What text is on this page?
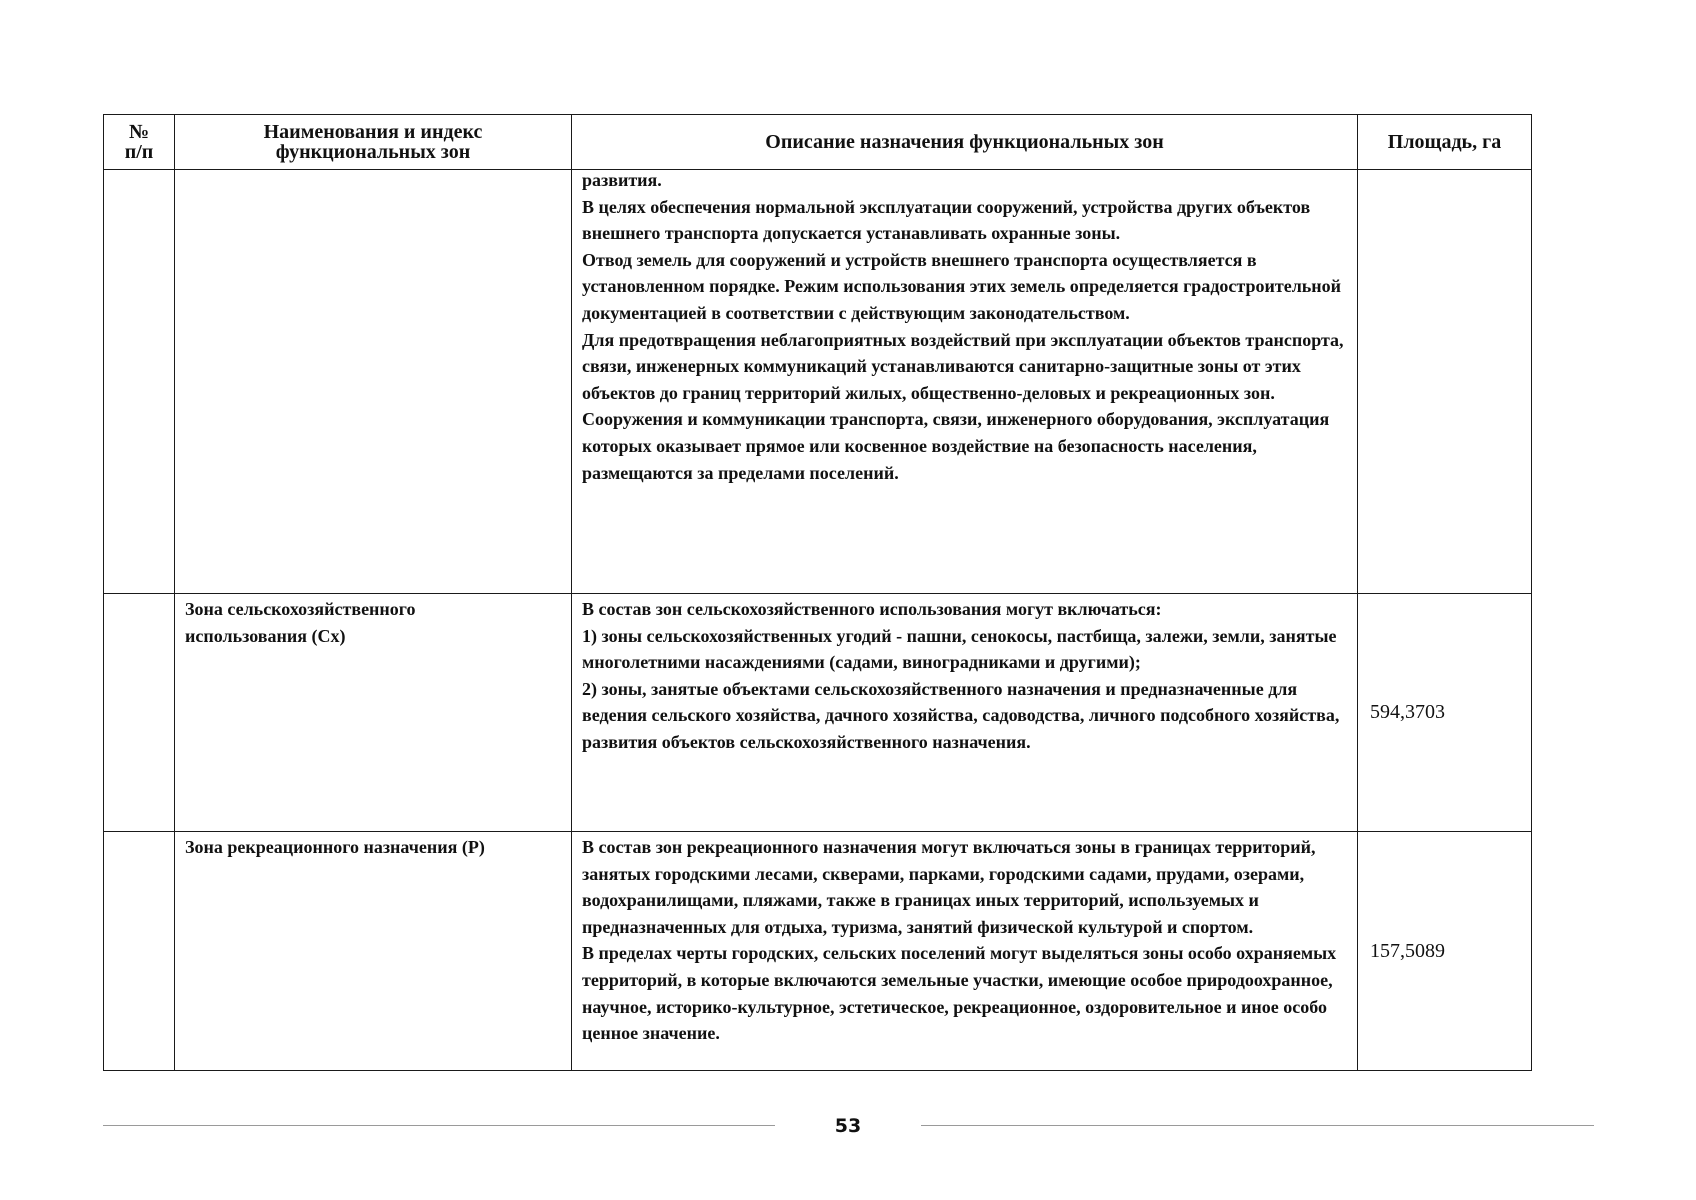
№ п/п	Наименования и индекс функциональных зон	Описание назначения функциональных зон	Площадь, га

		развития.

В целях обеспечения нормальной эксплуатации сооружений, устройства других объектов внешнего транспорта допускается устанавливать охранные зоны.

Отвод земель для сооружений и устройств внешнего транспорта осуществляется в установленном порядке. Режим использования этих земель определяется градостроительной документацией в соответствии с действующим законодательством.

Для предотвращения неблагоприятных воздействий при эксплуатации объектов транспорта, связи, инженерных коммуникаций устанавливаются санитарно-защитные зоны от этих объектов до границ территорий жилых, общественно-деловых и рекреационных зон.

Сооружения и коммуникации транспорта, связи, инженерного оборудования, эксплуатация которых оказывает прямое или косвенное воздействие на безопасность населения, размещаются за пределами поселений.	

	Зона сельскохозяйственного использования (Сх)	В состав зон сельскохозяйственного использования могут включаться:

1) зоны сельскохозяйственных угодий - пашни, сенокосы, пастбища, залежи, земли, занятые многолетними насаждениями (садами, виноградниками и другими);

2) зоны, занятые объектами сельскохозяйственного назначения и предназначенные для ведения сельского хозяйства, дачного хозяйства, садоводства, личного подсобного хозяйства, развития объектов сельскохозяйственного назначения.	594,3703

	Зона рекреационного назначения (Р)	В состав зон рекреационного назначения могут включаться зоны в границах территорий, занятых городскими лесами, скверами, парками, городскими садами, прудами, озерами, водохранилищами, пляжами, также в границах иных территорий, используемых и предназначенных для отдыха, туризма, занятий физической культурой и спортом.

В пределах черты городских, сельских поселений могут выделяться зоны особо охраняемых территорий, в которые включаются земельные участки, имеющие особое природоохранное, научное, историко-культурное, эстетическое, рекреационное, оздоровительное и иное особо ценное значение.	157,5089
53
